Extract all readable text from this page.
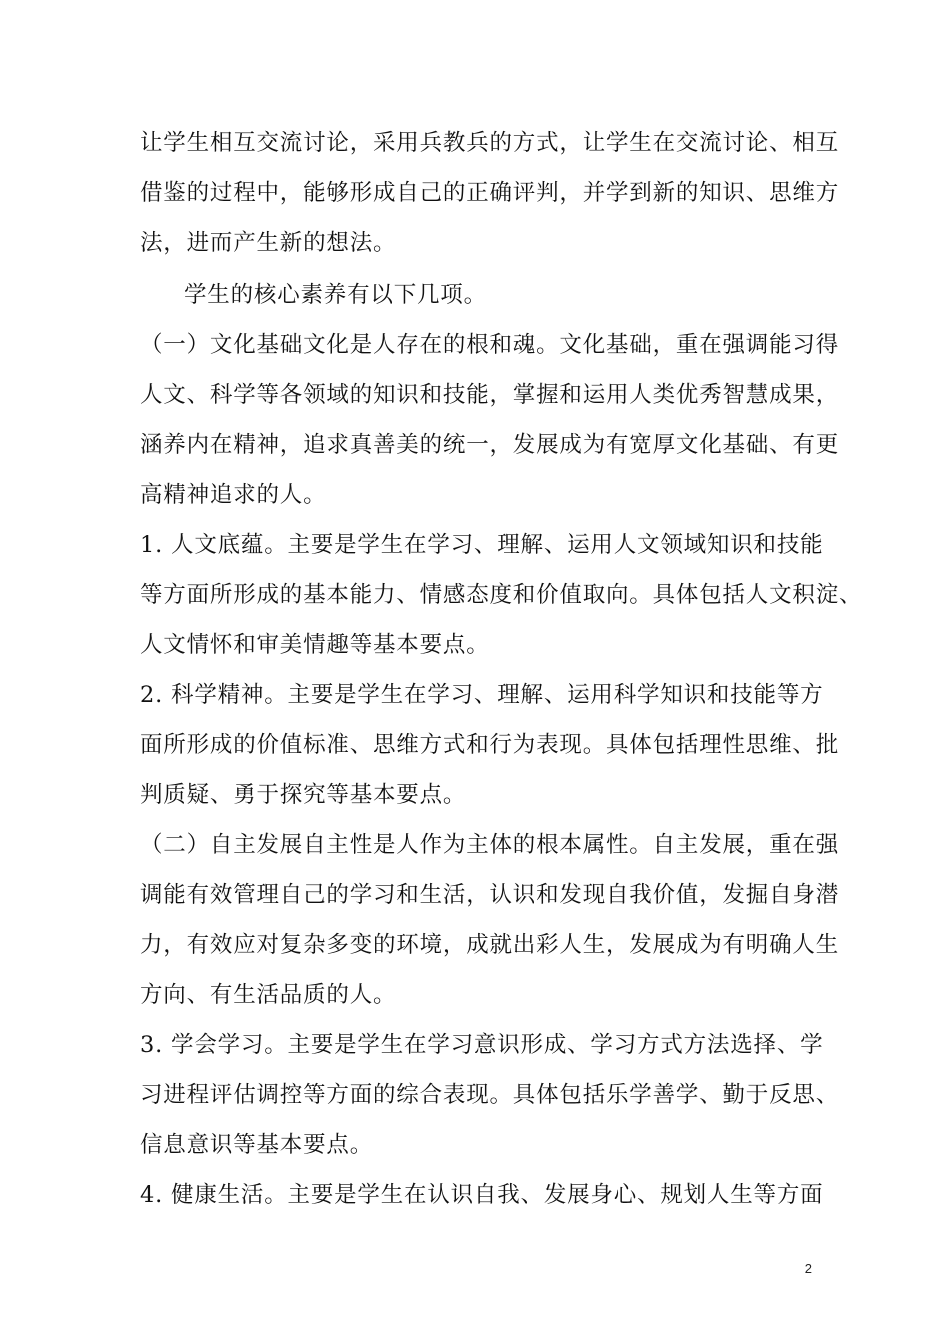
让学生相互交流讨论，采用兵教兵的方式，让学生在交流讨论、相互
借鉴的过程中，能够形成自己的正确评判，并学到新的知识、思维方
法，进而产生新的想法。
学生的核心素养有以下几项。
（一）文化基础文化是人存在的根和魂。文化基础，重在强调能习得
人文、科学等各领域的知识和技能，掌握和运用人类优秀智慧成果，
涵养内在精神，追求真善美的统一，发展成为有宽厚文化基础、有更
高精神追求的人。
1. 人文底蕴。主要是学生在学习、理解、运用人文领域知识和技能
等方面所形成的基本能力、情感态度和价值取向。具体包括人文积淀、
人文情怀和审美情趣等基本要点。
2. 科学精神。主要是学生在学习、理解、运用科学知识和技能等方
面所形成的价值标准、思维方式和行为表现。具体包括理性思维、批
判质疑、勇于探究等基本要点。
（二）自主发展自主性是人作为主体的根本属性。自主发展，重在强
调能有效管理自己的学习和生活，认识和发现自我价值，发掘自身潜
力，有效应对复杂多变的环境，成就出彩人生，发展成为有明确人生
方向、有生活品质的人。
3. 学会学习。主要是学生在学习意识形成、学习方式方法选择、学
习进程评估调控等方面的综合表现。具体包括乐学善学、勤于反思、
信息意识等基本要点。
4. 健康生活。主要是学生在认识自我、发展身心、规划人生等方面
2
